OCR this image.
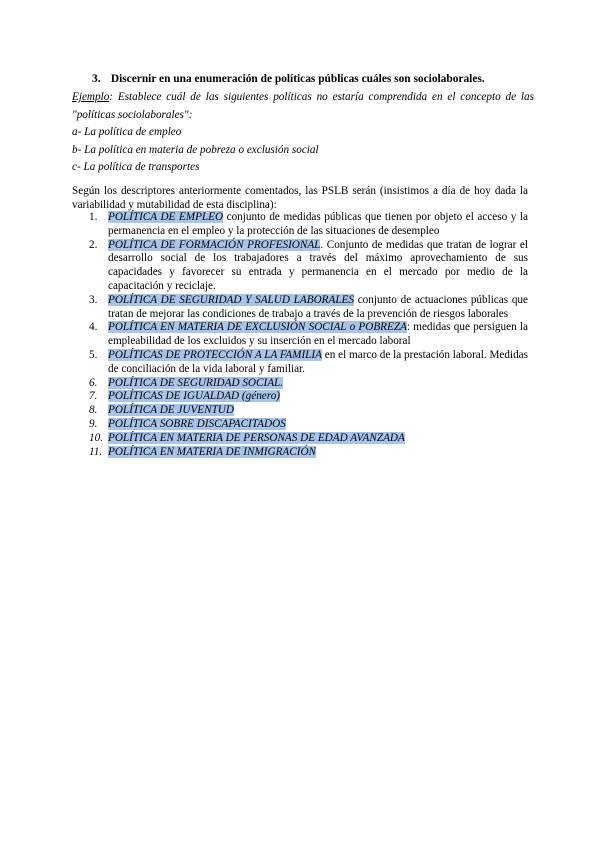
3. Discernir en una enumeración de políticas públicas cuáles son sociolaborales.

Ejemplo: Establece cuál de las siguientes políticas no estaría comprendida en el concepto de las "políticas sociolaborales":

a- La política de empleo

b- La política en materia de pobreza o exclusión social

c- La política de transportes

Según los descriptores anteriormente comentados, las PSLB serán (insistimos a día de hoy dada la variabilidad y mutabilidad de esta disciplina):
1. POLÍTICA DE EMPLEO conjunto de medidas públicas que tienen por objeto el acceso y la permanencia en el empleo y la protección de las situaciones de desempleo
2. POLÍTICA DE FORMACIÓN PROFESIONAL. Conjunto de medidas que tratan de lograr el desarrollo social de los trabajadores a través del máximo aprovechamiento de sus capacidades y favorecer su entrada y permanencia en el mercado por medio de la capacitación y reciclaje.
3. POLÍTICA DE SEGURIDAD Y SALUD LABORALES conjunto de actuaciones públicas que tratan de mejorar las condiciones de trabajo a través de la prevención de riesgos laborales
4. POLÍTICA EN MATERIA DE EXCLUSIÓN SOCIAL o POBREZA: medidas que persiguen la empleabilidad de los excluidos y su inserción en el mercado laboral
5. POLÍTICAS DE PROTECCIÓN A LA FAMILIA en el marco de la prestación laboral. Medidas de conciliación de la vida laboral y familiar.
6. POLÍTICA DE SEGURIDAD SOCIAL.
7. POLÍTICAS DE IGUALDAD (género)
8. POLÍTICA DE JUVENTUD
9. POLÍTICA SOBRE DISCAPACITADOS
10. POLÍTICA EN MATERIA DE PERSONAS DE EDAD AVANZADA
11. POLÍTICA EN MATERIA DE INMIGRACIÓN
